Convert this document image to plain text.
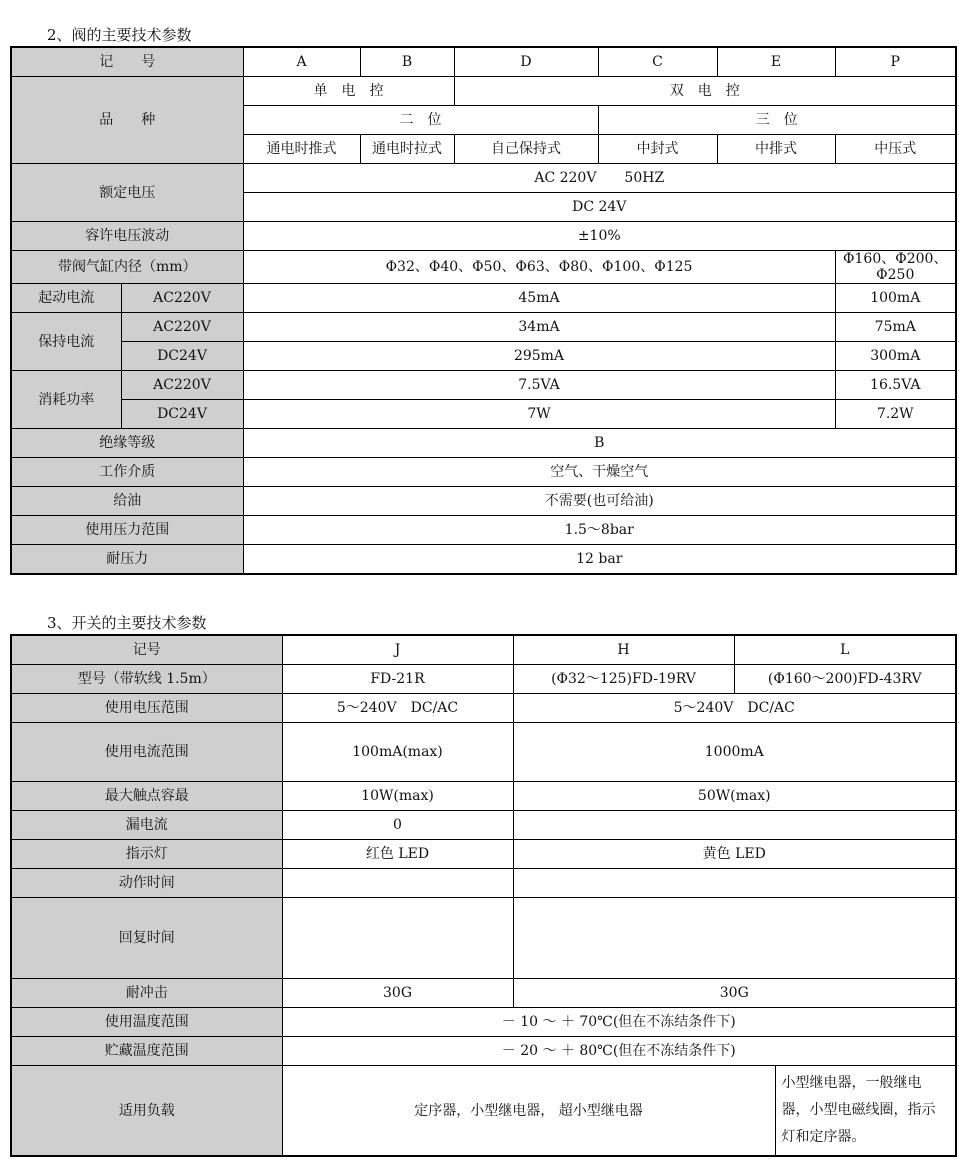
2、阀的主要技术参数
记　　号		A	B	D	C	E	P
品　　种		单　电　控		双　电　控			
		二　位			三　位		
		通电时推式	通电时拉式	自己保持式	中封式	中排式	中压式
额定电压		AC 220V　　50HZ					
		DC 24V					
容许电压波动		±10%					
带阀气缸内径（mm）		Φ32、Φ40、Φ50、Φ63、Φ80、Φ100、Φ125					Φ160、Φ200、Φ250
起动电流	AC220V	45mA					100mA
保持电流	AC220V	34mA					75mA
	DC24V	295mA					300mA
消耗功率	AC220V	7.5VA					16.5VA
	DC24V	7W					7.2W
绝缘等级		B					
工作介质		空气、干燥空气					
给油		不需要(也可给油)					
使用压力范围		1.5～8bar					
耐压力		12 bar					
3、开关的主要技术参数
记号	J	H	L	
型号（带软线 1.5m）	FD-21R	(Φ32～125)FD-19RV	(Φ160～200)FD-43RV	
使用电压范围	5～240V　DC/AC	5～240V　DC/AC		
使用电流范围	100mA(max)	1000mA		
最大触点容最	10W(max)	50W(max)		
漏电流	0			
指示灯	红色 LED	黄色 LED		
动作时间				
回复时间				
耐冲击	30G	30G		
使用温度范围	－ 10 ～ ＋ 70℃(但在不冻结条件下)			
贮藏温度范围	－ 20 ～ ＋ 80℃(但在不冻结条件下)			
适用负载	定序器，小型继电器， 超小型继电器			小型继电器，一般继电器，小型电磁线圈，指示灯和定序器。
